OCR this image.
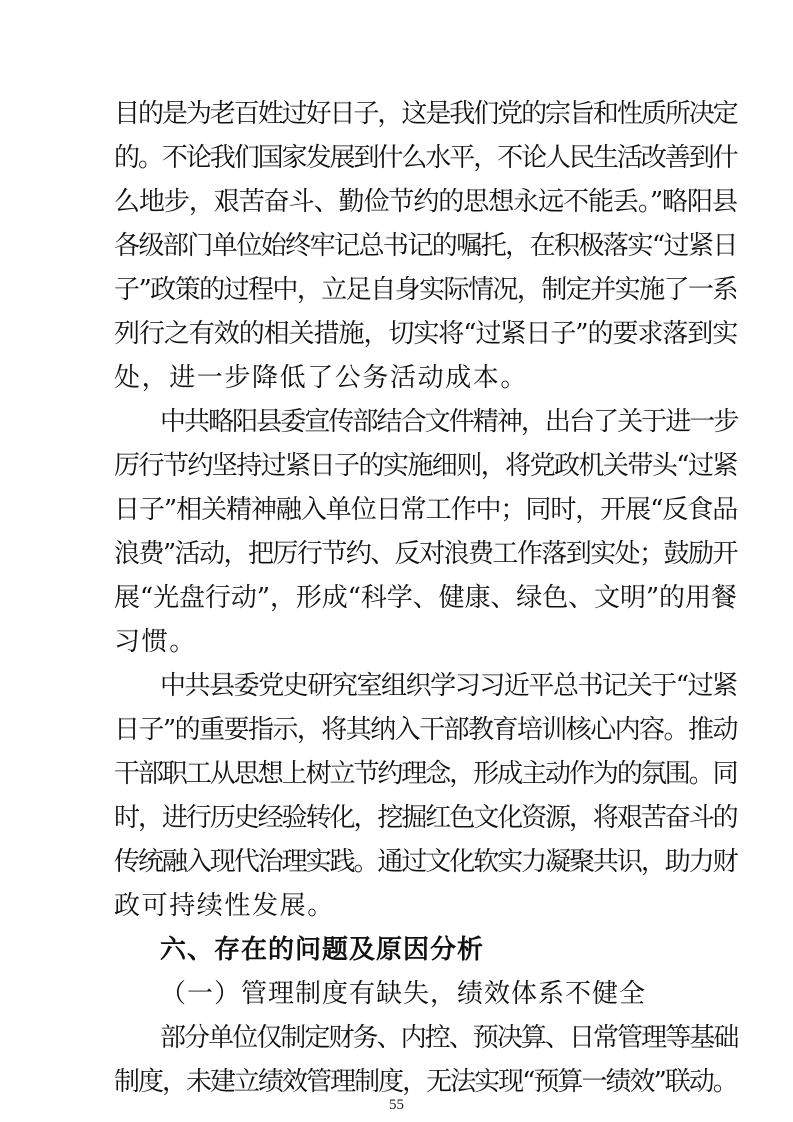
目的是为老百姓过好日子，这是我们党的宗旨和性质所决定
的。不论我们国家发展到什么水平，不论人民生活改善到什
么地步，艰苦奋斗、勤俭节约的思想永远不能丢。”略阳县
各级部门单位始终牢记总书记的嘱托，在积极落实“过紧日
子”政策的过程中，立足自身实际情况，制定并实施了一系
列行之有效的相关措施，切实将“过紧日子”的要求落到实
处，进一步降低了公务活动成本。
中共略阳县委宣传部结合文件精神，出台了关于进一步
厉行节约坚持过紧日子的实施细则，将党政机关带头“过紧
日子”相关精神融入单位日常工作中；同时，开展“反食品
浪费”活动，把厉行节约、反对浪费工作落到实处；鼓励开
展“光盘行动”，形成“科学、健康、绿色、文明”的用餐
习惯。
中共县委党史研究室组织学习习近平总书记关于“过紧
日子”的重要指示，将其纳入干部教育培训核心内容。推动
干部职工从思想上树立节约理念，形成主动作为的氛围。同
时，进行历史经验转化，挖掘红色文化资源，将艰苦奋斗的
传统融入现代治理实践。通过文化软实力凝聚共识，助力财
政可持续性发展。
六、存在的问题及原因分析
（一）管理制度有缺失，绩效体系不健全
部分单位仅制定财务、内控、预决算、日常管理等基础
制度，未建立绩效管理制度，无法实现“预算一绩效”联动。
55
